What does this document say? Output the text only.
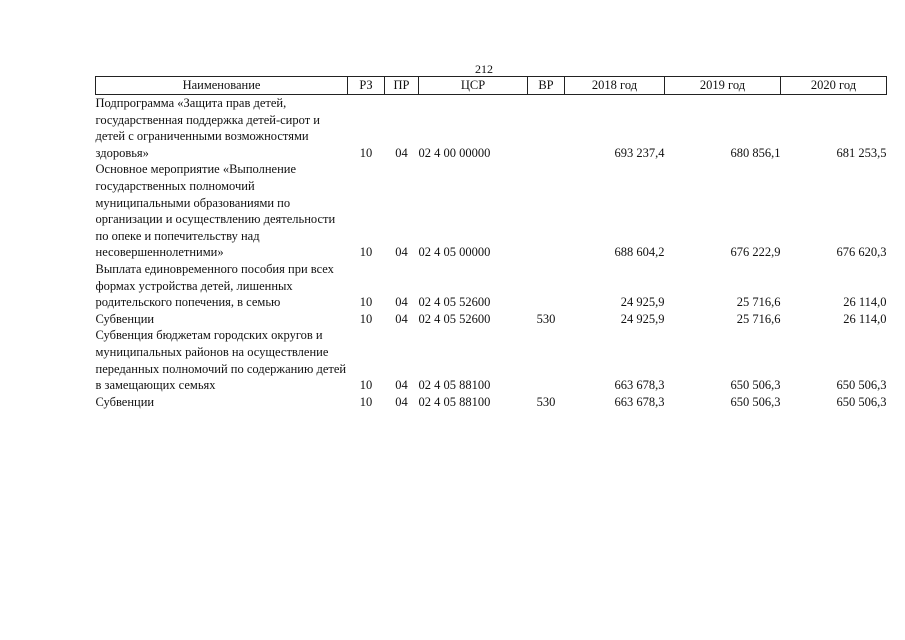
212
Наименование	РЗ	ПР	ЦСР	ВР	2018 год	2019 год	2020 год
Подпрограмма «Защита прав детей, государственная поддержка детей-сирот и детей с ограниченными возможностями здоровья»	10	04	02 4 00 00000		693 237,4	680 856,1	681 253,5
Основное мероприятие «Выполнение государственных полномочий муниципальными образованиями по организации и осуществлению деятельности по опеке и попечительству над несовершеннолетними»	10	04	02 4 05 00000		688 604,2	676 222,9	676 620,3
Выплата единовременного пособия при всех формах устройства детей, лишенных родительского попечения, в семью	10	04	02 4 05 52600		24 925,9	25 716,6	26 114,0
Субвенции	10	04	02 4 05 52600	530	24 925,9	25 716,6	26 114,0
Субвенция бюджетам городских округов и муниципальных районов на осуществление переданных полномочий по содержанию детей в замещающих семьях	10	04	02 4 05 88100		663 678,3	650 506,3	650 506,3
Субвенции	10	04	02 4 05 88100	530	663 678,3	650 506,3	650 506,3
